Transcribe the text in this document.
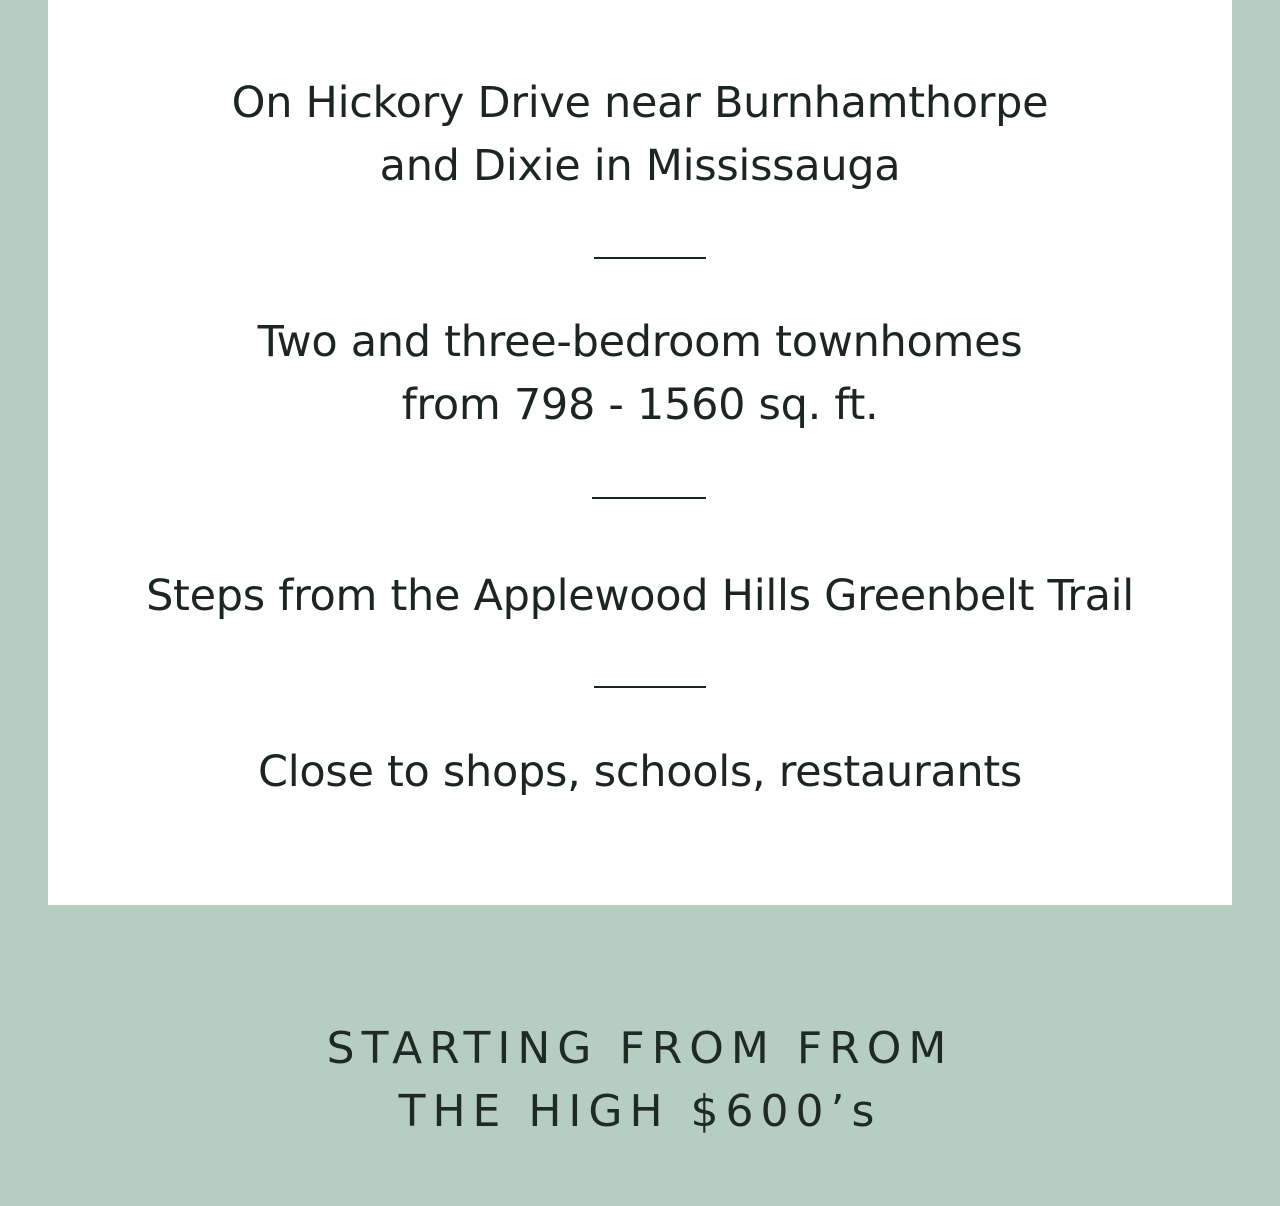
On Hickory Drive near Burnhamthorpe
and Dixie in Mississauga

Two and three-bedroom townhomes
from 798 - 1560 sq. ft.

Steps from the Applewood Hills Greenbelt Trail

Close to shops, schools, restaurants

STARTING FROM FROM
THE HIGH $600’s
